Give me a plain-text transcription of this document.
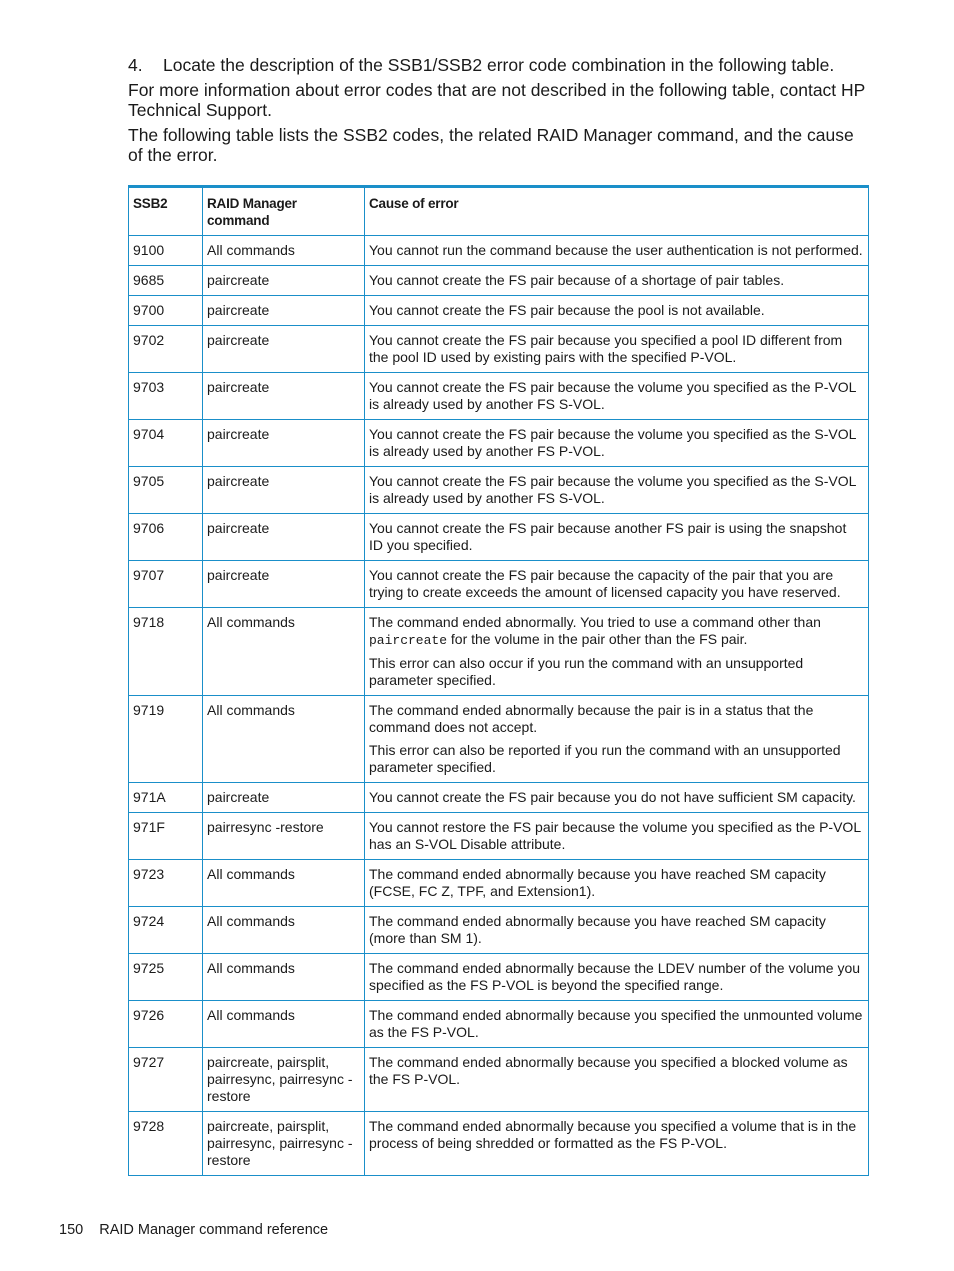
4.	Locate the description of the SSB1/SSB2 error code combination in the following table.

For more information about error codes that are not described in the following table, contact HP Technical Support.

The following table lists the SSB2 codes, the related RAID Manager command, and the cause of the error.

SSB2	RAID Manager command	Cause of error
9100	All commands	You cannot run the command because the user authentication is not performed.

9685	paircreate	You cannot create the FS pair because of a shortage of pair tables.

9700	paircreate	You cannot create the FS pair because the pool is not available.

9702	paircreate	You cannot create the FS pair because you specified a pool ID different from the pool ID used by existing pairs with the specified P-VOL.

9703	paircreate	You cannot create the FS pair because the volume you specified as the P-VOL is already used by another FS S-VOL.

9704	paircreate	You cannot create the FS pair because the volume you specified as the S-VOL is already used by another FS P-VOL.

9705	paircreate	You cannot create the FS pair because the volume you specified as the S-VOL is already used by another FS S-VOL.

9706	paircreate	You cannot create the FS pair because another FS pair is using the snapshot ID you specified.

9707	paircreate	You cannot create the FS pair because the capacity of the pair that you are trying to create exceeds the amount of licensed capacity you have reserved.

9718	All commands	The command ended abnormally. You tried to use a command other than paircreate for the volume in the pair other than the FS pair.

This error can also occur if you run the command with an unsupported parameter specified.

9719	All commands	The command ended abnormally because the pair is in a status that the command does not accept.

This error can also be reported if you run the command with an unsupported parameter specified.

971A	paircreate	You cannot create the FS pair because you do not have sufficient SM capacity.

971F	pairresync -restore	You cannot restore the FS pair because the volume you specified as the P-VOL has an S-VOL Disable attribute.

9723	All commands	The command ended abnormally because you have reached SM capacity (FCSE, FC Z, TPF, and Extension1).

9724	All commands	The command ended abnormally because you have reached SM capacity (more than SM 1).

9725	All commands	The command ended abnormally because the LDEV number of the volume you specified as the FS P-VOL is beyond the specified range.

9726	All commands	The command ended abnormally because you specified the unmounted volume as the FS P-VOL.

9727	paircreate, pairsplit, pairresync, pairresync -restore	The command ended abnormally because you specified a blocked volume as the FS P-VOL.

9728	paircreate, pairsplit, pairresync, pairresync -restore	The command ended abnormally because you specified a volume that is in the process of being shredded or formatted as the FS P-VOL.

150 RAID Manager command reference
